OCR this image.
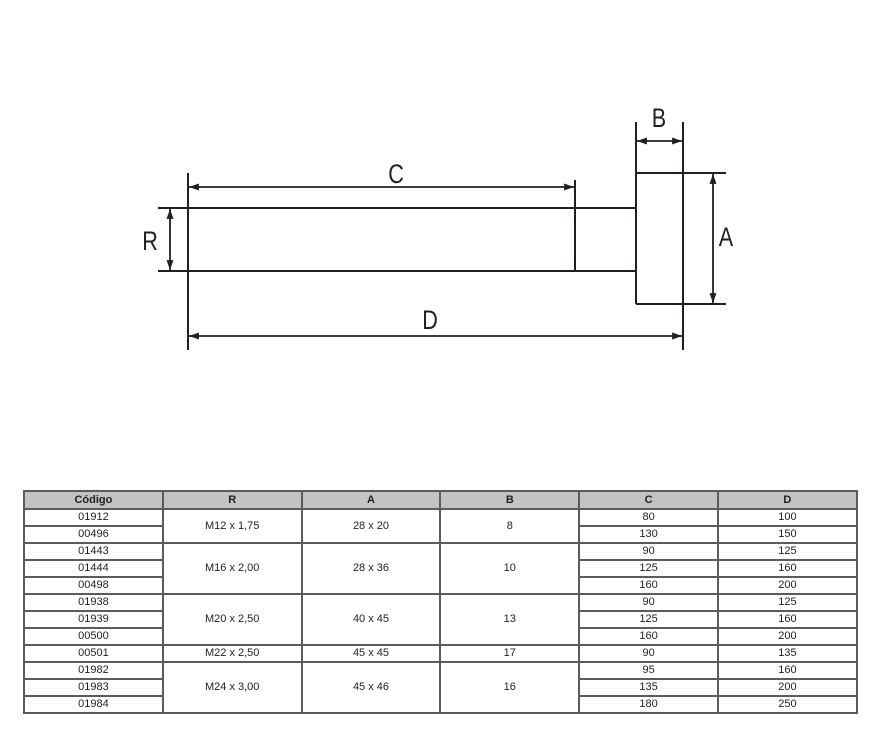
B
C
R	A
D
Código	R	A	B	C	D
01912	M12 x 1,75	28 x 20	8	80	100
00496				130	150
01443	M16 x 2,00	28 x 36	10	90	125
01444				125	160
00498				160	200
01938	M20 x 2,50	40 x 45	13	90	125
01939				125	160
00500				160	200
00501	M22 x 2,50	45 x 45	17	90	135
01982	M24 x 3,00	45 x 46	16	95	160
01983				135	200
01984				180	250
